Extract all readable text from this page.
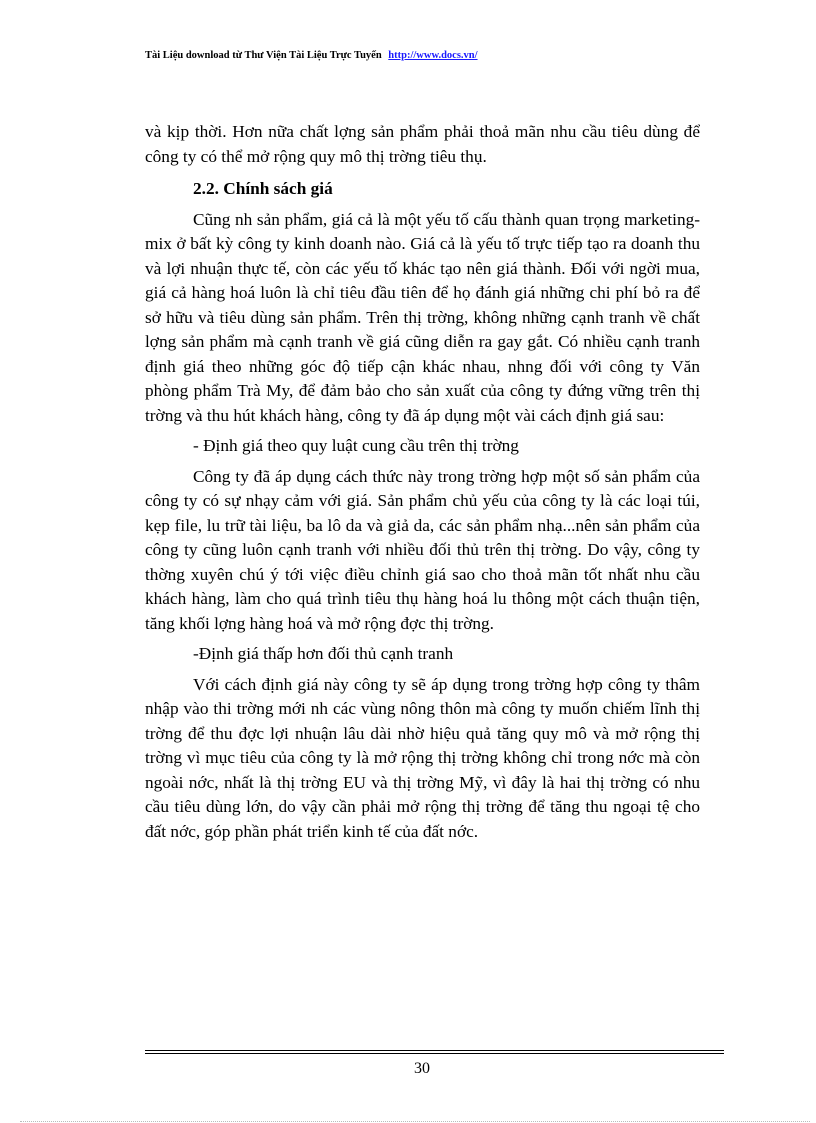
Tài Liệu download từ Thư Viện Tài Liệu Trực Tuyến http://www.docs.vn/

và kịp thời. Hơn nữa chất lợng sản phẩm phải thoả mãn nhu cầu tiêu dùng để công ty có thể mở rộng quy mô thị trờng tiêu thụ.

2.2. Chính sách giá

Cũng nh sản phẩm, giá cả là một yếu tố cấu thành quan trọng marketing-mix ở bất kỳ công ty kinh doanh nào. Giá cả là yếu tố trực tiếp tạo ra doanh thu và lợi nhuận thực tế, còn các yếu tố khác tạo nên giá thành. Đối với ngời mua, giá cả hàng hoá luôn là chỉ tiêu đầu tiên để họ đánh giá những chi phí bỏ ra để sở hữu và tiêu dùng sản phẩm. Trên thị trờng, không những cạnh tranh về chất lợng sản phẩm mà cạnh tranh về giá cũng diễn ra gay gắt. Có nhiều cạnh tranh định giá theo những góc độ tiếp cận khác nhau, nhng đối với công ty Văn phòng phẩm Trà My, để đảm bảo cho sản xuất của công ty đứng vững trên thị trờng và thu hút khách hàng, công ty đã áp dụng một vài cách định giá sau:

- Định giá theo quy luật cung cầu trên thị trờng

Công ty đã áp dụng cách thức này trong trờng hợp một số sản phẩm của công ty có sự nhạy cảm với giá. Sản phẩm chủ yếu của công ty là các loại túi, kẹp file, lu trữ tài liệu, ba lô da và giả da, các sản phẩm nhạ...nên sản phẩm của công ty cũng luôn cạnh tranh với nhiều đối thủ trên thị trờng. Do vậy, công ty thờng xuyên chú ý tới việc điều chỉnh giá sao cho thoả mãn tốt nhất nhu cầu khách hàng, làm cho quá trình tiêu thụ hàng hoá lu thông một cách thuận tiện, tăng khối lợng hàng hoá và mở rộng đợc thị trờng.

-Định giá thấp hơn đối thủ cạnh tranh

Với cách định giá này công ty sẽ áp dụng trong trờng hợp công ty thâm nhập vào thi trờng mới nh các vùng nông thôn mà công ty muốn chiếm lĩnh thị trờng để thu đợc lợi nhuận lâu dài nhờ hiệu quả tăng quy mô và mở rộng thị trờng vì mục tiêu của công ty là mở rộng thị trờng không chỉ trong nớc mà còn ngoài nớc, nhất là thị trờng EU và thị trờng Mỹ, vì đây là hai thị trờng có nhu cầu tiêu dùng lớn, do vậy cần phải mở rộng thị trờng để tăng thu ngoại tệ cho đất nớc, góp phần phát triển kinh tế của đất nớc.

30
